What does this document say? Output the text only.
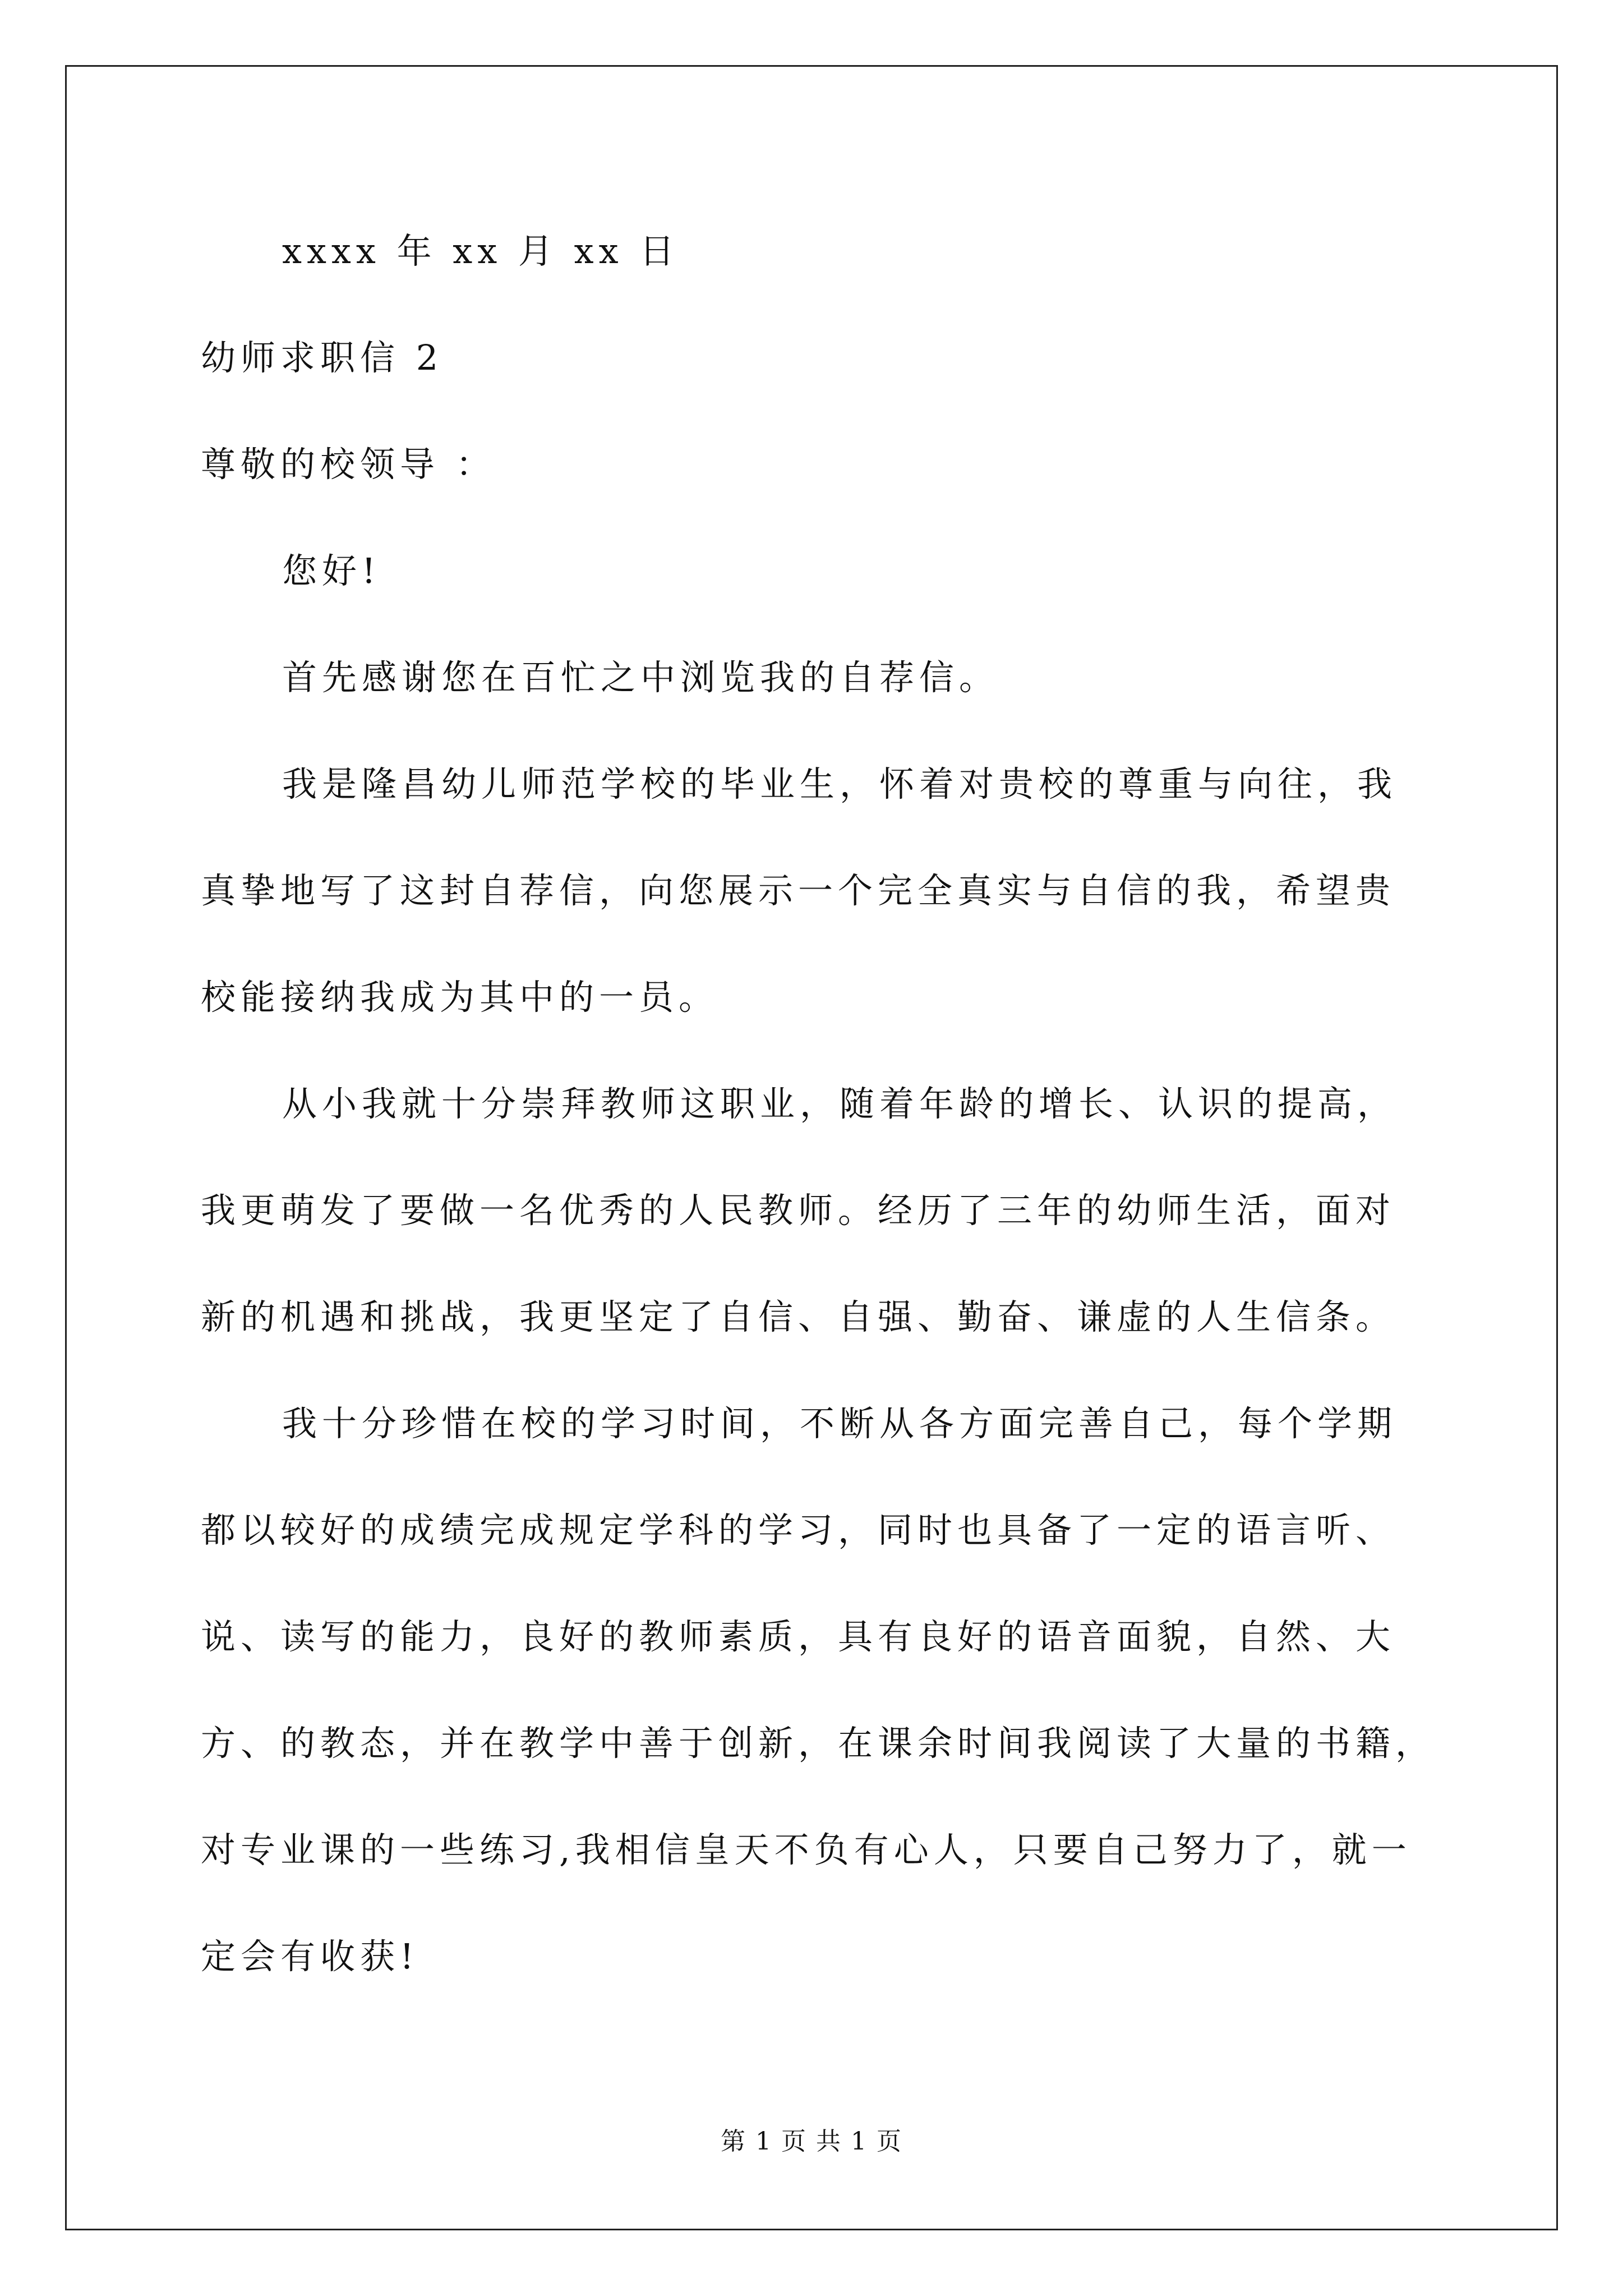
xxxx 年 xx 月 xx 日
幼师求职信 2
尊敬的校领导 ：
您好!
首先感谢您在百忙之中浏览我的自荐信。
我是隆昌幼儿师范学校的毕业生，怀着对贵校的尊重与向往，我
真挚地写了这封自荐信，向您展示一个完全真实与自信的我，希望贵
校能接纳我成为其中的一员。
从小我就十分崇拜教师这职业，随着年龄的增长、认识的提高，
我更萌发了要做一名优秀的人民教师。经历了三年的幼师生活，面对
新的机遇和挑战，我更坚定了自信、自强、勤奋、谦虚的人生信条。
我十分珍惜在校的学习时间，不断从各方面完善自己，每个学期
都以较好的成绩完成规定学科的学习，同时也具备了一定的语言听、
说、读写的能力，良好的教师素质，具有良好的语音面貌，自然、大
方、的教态，并在教学中善于创新，在课余时间我阅读了大量的书籍，
对专业课的一些练习,我相信皇天不负有心人，只要自己努力了，就一
定会有收获!
第 1 页 共 1 页
